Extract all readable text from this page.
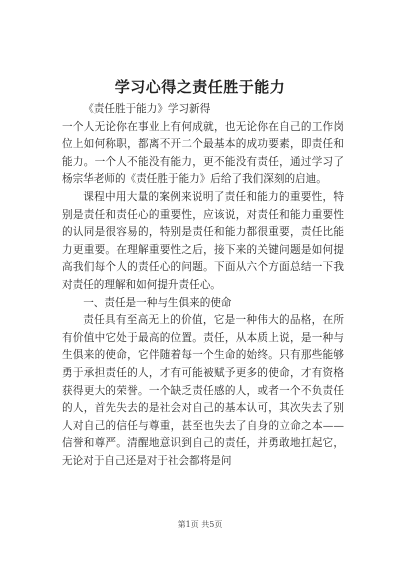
学习心得之责任胜于能力

《责任胜于能力》学习新得

一个人无论你在事业上有何成就，也无论你在自己的工作岗位上如何称职，都离不开二个最基本的成功要素，即责任和能力。一个人不能没有能力，更不能没有责任，通过学习了杨宗华老师的《责任胜于能力》后给了我们深刻的启迪。

课程中用大量的案例来说明了责任和能力的重要性，特别是责任和责任心的重要性，应该说，对责任和能力重要性的认同是很容易的，特别是责任和能力都很重要，责任比能力更重要。在理解重要性之后，接下来的关键问题是如何提高我们每个人的责任心的问题。下面从六个方面总结一下我对责任的理解和如何提升责任心。

一、责任是一种与生俱来的使命

责任具有至高无上的价值，它是一种伟大的品格，在所有价值中它处于最高的位置。责任，从本质上说，是一种与生俱来的使命，它伴随着每一个生命的始终。只有那些能够勇于承担责任的人，才有可能被赋予更多的使命，才有资格获得更大的荣誉。一个缺乏责任感的人，或者一个不负责任的人，首先失去的是社会对自己的基本认可，其次失去了别人对自己的信任与尊重，甚至也失去了自身的立命之本——信誉和尊严。清醒地意识到自己的责任，并勇敢地扛起它，无论对于自己还是对于社会都将是问

第1页 共5页
